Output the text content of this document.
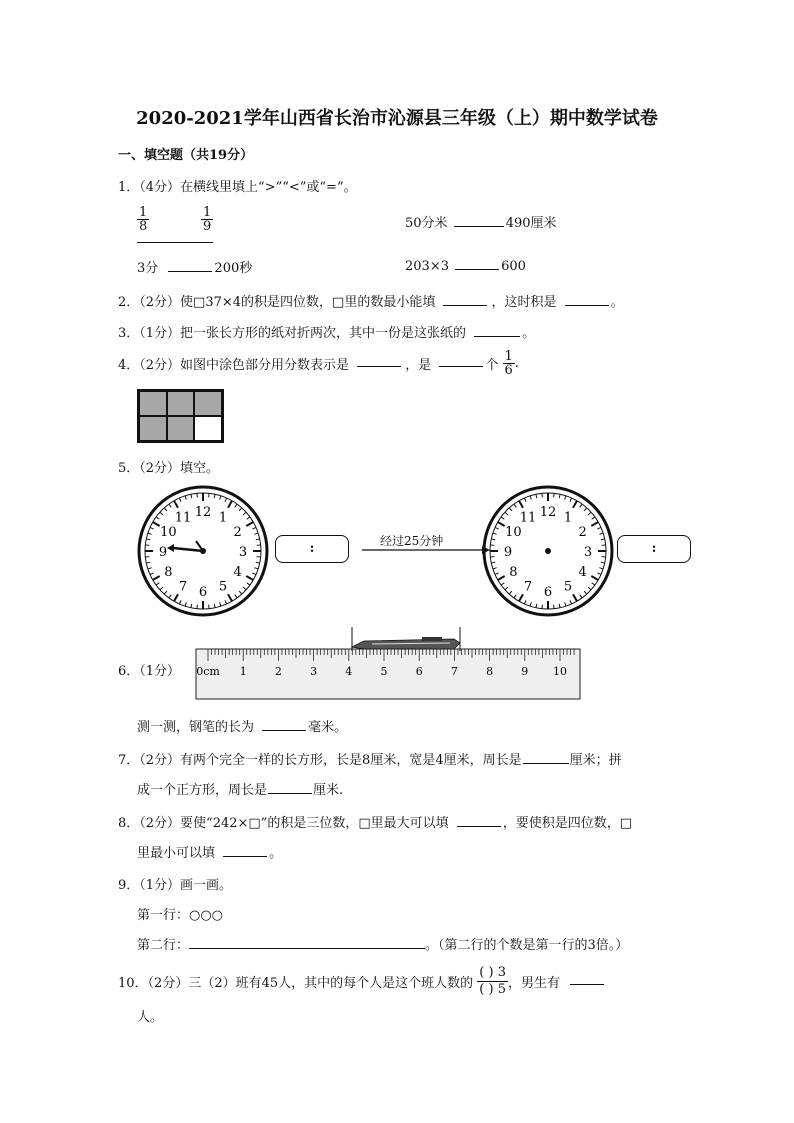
2020-2021学年山西省长治市沁源县三年级（上）期中数学试卷
一、填空题（共19分）
1．（4分）在横线里填上“>”“<”或“=”。
$\frac{1}{8}$	$\frac{1}{9}$	50分米	490厘米
3分	200秒	203×3	600
2．（2分）使□37×4的积是四位数，□里的数最小能填	，这时积是	。
3．（1分）把一张长方形的纸对折两次，其中一份是这张纸的	。
4．（2分）如图中涂色部分用分数表示是	，是	个 $\frac{1}{6}$ .
5．（2分）填空。
12 1
2
3
4
5
6
7
8
9
10
11	12 1
2
3
4
5
6
7
8
9
10
11
:	经过25分钟	:
6．（1分） 0cm 1	2	3	4	5	6	7	8	9 10
测一测，钢笔的长为	毫米。
7．（2分）有两个完全一样的长方形，长是8厘米，宽是4厘米，周长是	厘米；拼
成一个正方形，周长是	厘米.
8．（2分）要使“242×□”的积是三位数，□里最大可以填	，要使积是四位数，□
里最小可以填	。
9．（1分）画一画。
第一行：○○○
第二行：	。（第二行的个数是第一行的3倍。）
10．（2分）三（2）班有45人，其中的每个人是这个班人数的 $\frac{( ) 3}{( ) 5}$ ，男生有
人。
